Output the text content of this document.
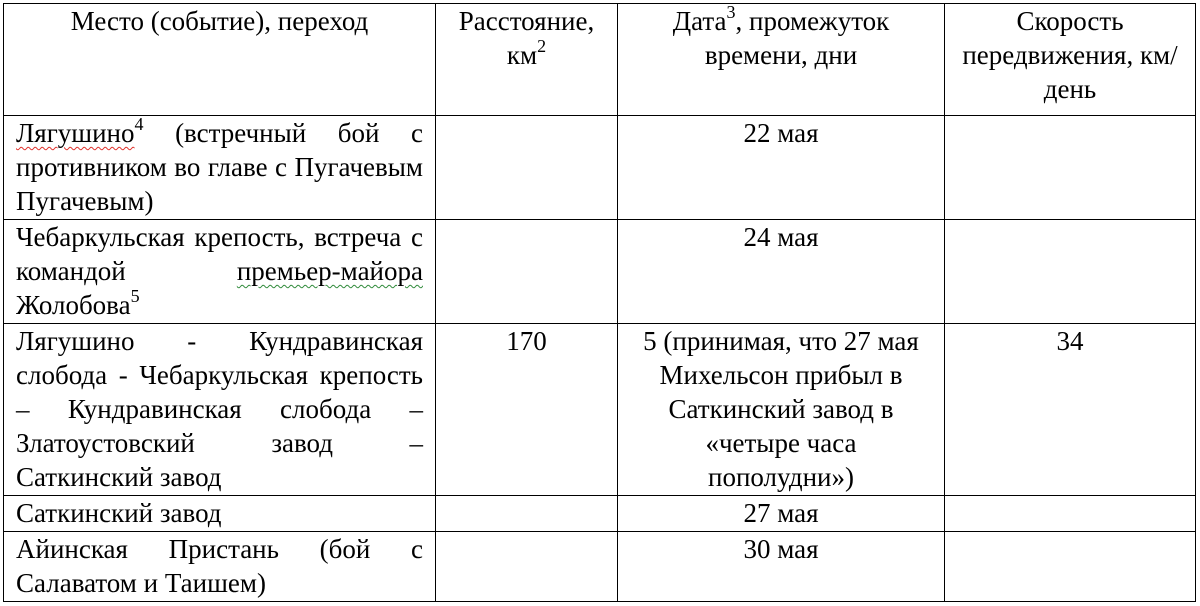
Место (событие), переход	Расстояние, $км^2$	Дата$^3$, промежуток времени, дни	Скорость передвижения, км/день
Лягушино$^4$ (встречный бой с противником во главе с Пугачевым Пугачевым)		22 мая	
Чебаркульская крепость, встреча с командой премьер-майора Жолобова$^5$		24 мая	
Лягушино - Кундравинская слобода - Чебаркульская крепость – Кундравинская слобода – Златоустовский завод – Саткинский завод	170	5 (принимая, что 27 мая Михельсон прибыл в Саткинский завод в «четыре часа пополудни»)	34
Саткинский завод		27 мая	
Айинская Пристань (бой с Салаватом и Таишем)		30 мая	
